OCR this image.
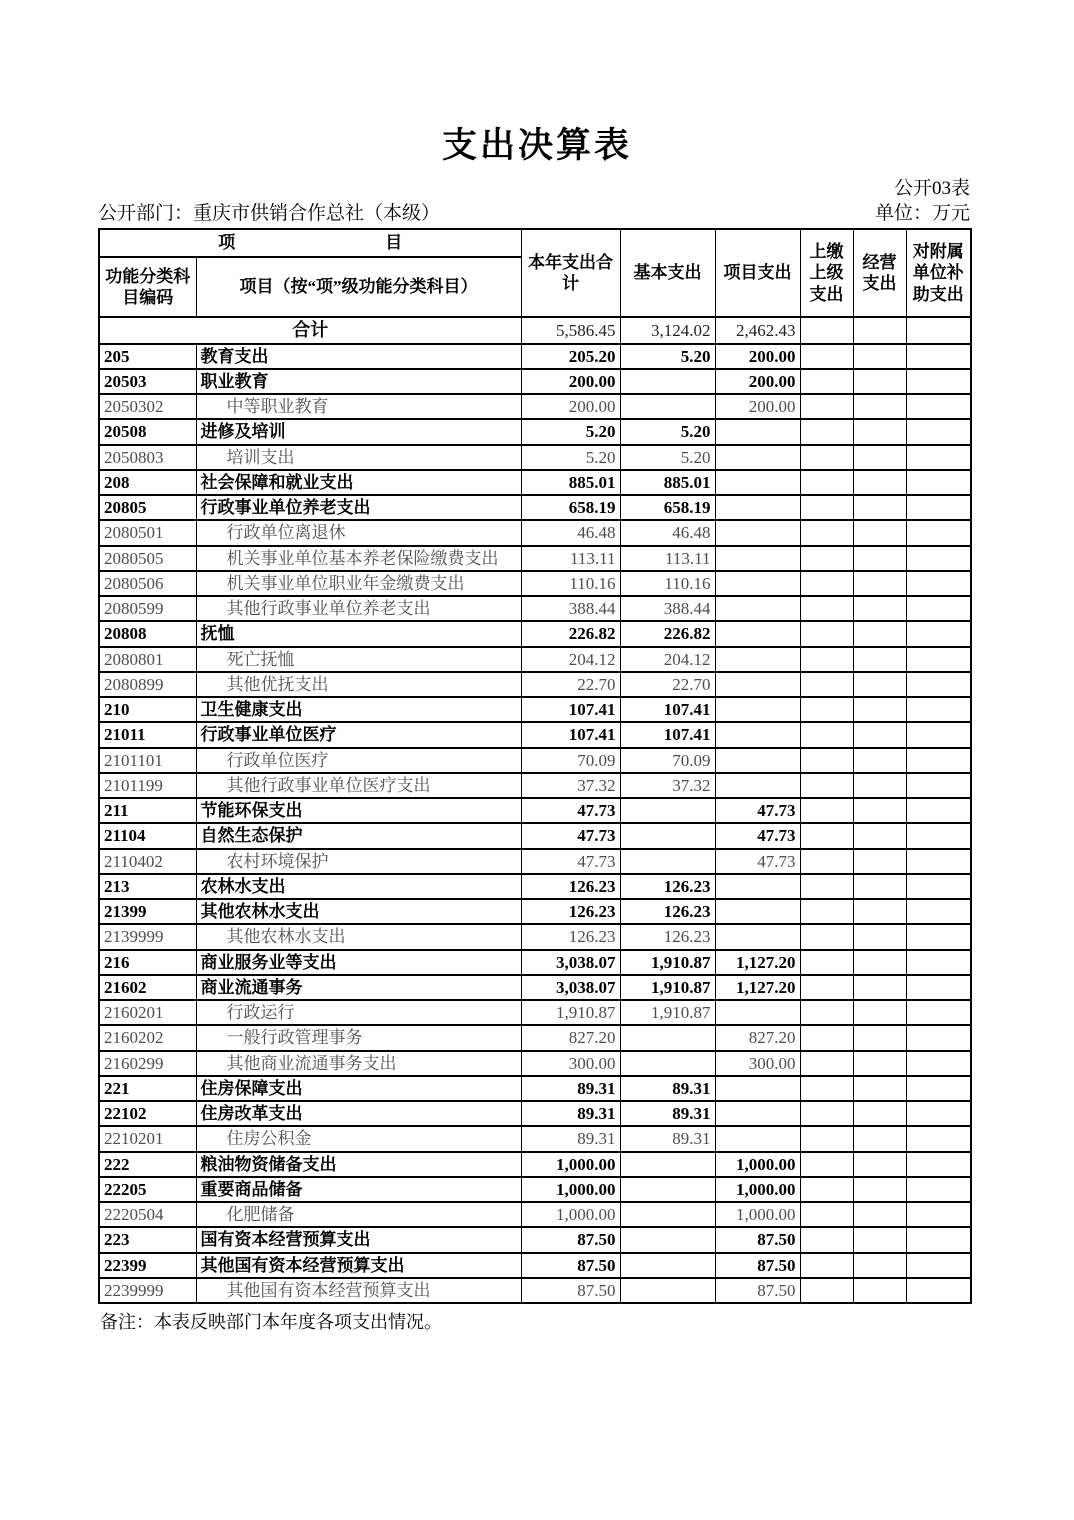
支出决算表
公开03表
公开部门：重庆市供销合作总社（本级）	单位：万元
项 目		本年支出合计	基本支出	项目支出	上缴上级支出	经营支出	对附属单位补助支出
功能分类科目编码	项目（按“项”级功能分类科目）						
合计		5,586.45	3,124.02	2,462.43			
205	教育支出	205.20	5.20	200.00			
20503	职业教育	200.00		200.00			
2050302	中等职业教育	200.00		200.00			
20508	进修及培训	5.20	5.20				
2050803	培训支出	5.20	5.20				
208	社会保障和就业支出	885.01	885.01				
20805	行政事业单位养老支出	658.19	658.19				
2080501	行政单位离退休	46.48	46.48				
2080505	机关事业单位基本养老保险缴费支出	113.11	113.11				
2080506	机关事业单位职业年金缴费支出	110.16	110.16				
2080599	其他行政事业单位养老支出	388.44	388.44				
20808	抚恤	226.82	226.82				
2080801	死亡抚恤	204.12	204.12				
2080899	其他优抚支出	22.70	22.70				
210	卫生健康支出	107.41	107.41				
21011	行政事业单位医疗	107.41	107.41				
2101101	行政单位医疗	70.09	70.09				
2101199	其他行政事业单位医疗支出	37.32	37.32				
211	节能环保支出	47.73		47.73			
21104	自然生态保护	47.73		47.73			
2110402	农村环境保护	47.73		47.73			
213	农林水支出	126.23	126.23				
21399	其他农林水支出	126.23	126.23				
2139999	其他农林水支出	126.23	126.23				
216	商业服务业等支出	3,038.07	1,910.87	1,127.20			
21602	商业流通事务	3,038.07	1,910.87	1,127.20			
2160201	行政运行	1,910.87	1,910.87				
2160202	一般行政管理事务	827.20		827.20			
2160299	其他商业流通事务支出	300.00		300.00			
221	住房保障支出	89.31	89.31				
22102	住房改革支出	89.31	89.31				
2210201	住房公积金	89.31	89.31				
222	粮油物资储备支出	1,000.00		1,000.00			
22205	重要商品储备	1,000.00		1,000.00			
2220504	化肥储备	1,000.00		1,000.00			
223	国有资本经营预算支出	87.50		87.50			
22399	其他国有资本经营预算支出	87.50		87.50			
2239999	其他国有资本经营预算支出	87.50		87.50			
备注：本表反映部门本年度各项支出情况。
